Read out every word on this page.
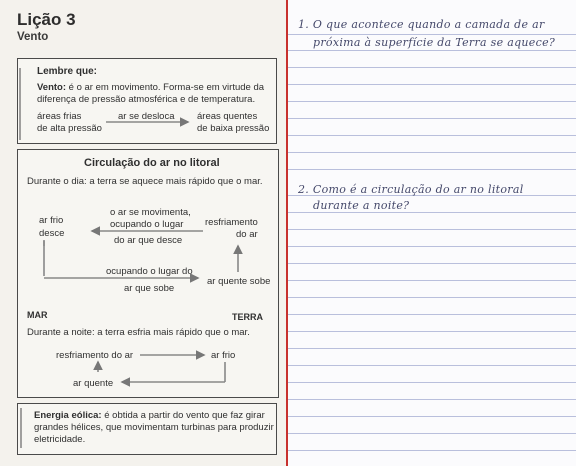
Lição 3
Vento
Lembre que:
Vento: é o ar em movimento. Forma-se em virtude da
diferença de pressão atmosférica e de temperatura.
áreas frias
de alta pressão
ar se desloca áreas quentes
de baixa pressão
Circulação do ar no litoral
Durante o dia: a terra se aquece mais rápido que o mar.
ar frio
desce
o ar se movimenta,
ocupando o lugar
do ar que desce
resfriamento
do ar
ocupando o lugar do
ar que sobe
ar quente sobe
MAR	TERRA
Durante a noite: a terra esfria mais rápido que o mar.
resfriamento do ar	ar frio
ar quente
Energia eólica: é obtida a partir do vento que faz girar
grandes hélices, que movimentam turbinas para produzir
eletricidade.
1. O que acontece quando a camada de ar
próxima à superfície da Terra se aquece?
2. Como é a circulação do ar no litoral
durante a noite?
